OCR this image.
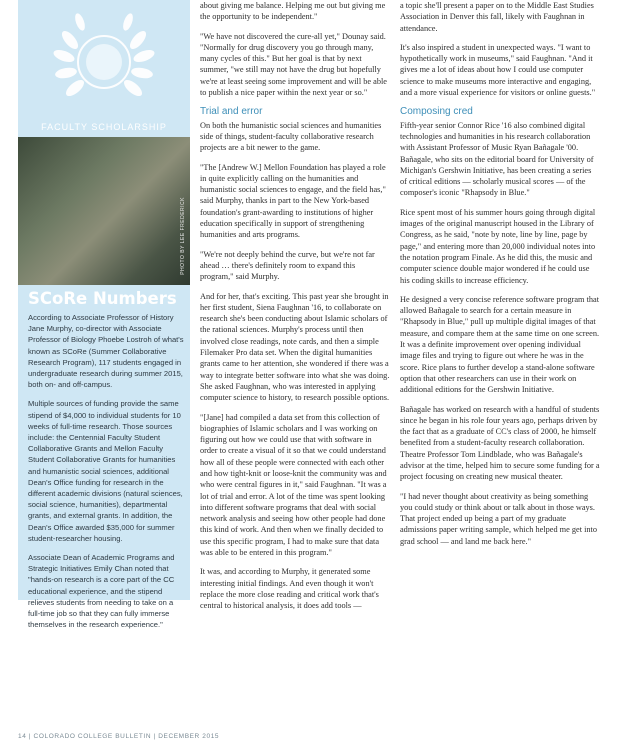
FACULTY SCHOLARSHIP
PHOTO BY LEE FREDERICK
SCoRe Numbers

According to Associate Professor of History Jane Murphy, co-director with Associate Professor of Biology Phoebe Lostroh of what's known as SCoRe (Summer Collaborative Research Program), 117 students engaged in undergraduate research during summer 2015, both on- and off-campus.

Multiple sources of funding provide the same stipend of $4,000 to individual students for 10 weeks of full-time research. Those sources include: the Centennial Faculty Student Collaborative Grants and Mellon Faculty Student Collaborative Grants for humanities and humanistic social sciences, additional Dean's Office funding for research in the different academic divisions (natural sciences, social science, humanities), departmental grants, and external grants. In addition, the Dean's Office awarded $35,000 for summer student-researcher housing.

Associate Dean of Academic Programs and Strategic Initiatives Emily Chan noted that "hands-on research is a core part of the CC educational experience, and the stipend relieves students from needing to take on a full-time job so that they can fully immerse themselves in the research experience."

about giving me balance. Helping me out but giving me the opportunity to be independent."

"We have not discovered the cure-all yet," Dounay said. "Normally for drug discovery you go through many, many cycles of this." But her goal is that by next summer, "we still may not have the drug but hopefully we're at least seeing some improvement and will be able to publish a nice paper within the next year or so."

Trial and error

On both the humanistic social sciences and humanities side of things, student-faculty collaborative research projects are a bit newer to the game.

"The [Andrew W.] Mellon Foundation has played a role in quite explicitly calling on the humanities and humanistic social sciences to engage, and the field has," said Murphy, thanks in part to the New York-based foundation's grant-awarding to institutions of higher education specifically in support of strengthening humanities and arts programs.

"We're not deeply behind the curve, but we're not far ahead … there's definitely room to expand this program," said Murphy.

And for her, that's exciting. This past year she brought in her first student, Siena Faughnan '16, to collaborate on research she's been conducting about Islamic scholars of the rational sciences. Murphy's process until then involved close readings, note cards, and then a simple Filemaker Pro data set. When the digital humanities grants came to her attention, she wondered if there was a way to integrate better software into what she was doing. She asked Faughnan, who was interested in applying computer science to history, to research possible options.

"[Jane] had compiled a data set from this collection of biographies of Islamic scholars and I was working on figuring out how we could use that with software in order to create a visual of it so that we could understand how all of these people were connected with each other and how tight-knit or loose-knit the community was and who were central figures in it," said Faughnan. "It was a lot of trial and error. A lot of the time was spent looking into different software programs that deal with social network analysis and seeing how other people had done this kind of work. And then when we finally decided to use this specific program, I had to make sure that data was able to be entered in this program."

It was, and according to Murphy, it generated some interesting initial findings. And even though it won't replace the more close reading and critical work that's central to historical analysis, it does add tools —

a topic she'll present a paper on to the Middle East Studies Association in Denver this fall, likely with Faughnan in attendance.

It's also inspired a student in unexpected ways. "I want to hypothetically work in museums," said Faughnan. "And it gives me a lot of ideas about how I could use computer science to make museums more interactive and engaging, and a more visual experience for visitors or online guests."

Composing cred

Fifth-year senior Connor Rice '16 also combined digital technologies and humanities in his research collaboration with Assistant Professor of Music Ryan Bañagale '00. Bañagale, who sits on the editorial board for University of Michigan's Gershwin Initiative, has been creating a series of critical editions — scholarly musical scores — of the composer's iconic "Rhapsody in Blue."

Rice spent most of his summer hours going through digital images of the original manuscript housed in the Library of Congress, as he said, "note by note, line by line, page by page," and entering more than 20,000 individual notes into the notation program Finale. As he did this, the music and computer science double major wondered if he could use his coding skills to increase efficiency.

He designed a very concise reference software program that allowed Bañagale to search for a certain measure in "Rhapsody in Blue," pull up multiple digital images of that measure, and compare them at the same time on one screen. It was a definite improvement over opening individual image files and trying to figure out where he was in the score. Rice plans to further develop a stand-alone software option that other researchers can use in their work on additional editions for the Gershwin Initiative.

Bañagale has worked on research with a handful of students since he began in his role four years ago, perhaps driven by the fact that as a graduate of CC's class of 2000, he himself benefited from a student-faculty research collaboration. Theatre Professor Tom Lindblade, who was Bañagale's advisor at the time, helped him to secure some funding for a project focusing on creating new musical theater.

"I had never thought about creativity as being something you could study or think about or talk about in those ways. That project ended up being a part of my graduate admissions paper writing sample, which helped me get into grad school — and land me back here."

14 | COLORADO COLLEGE BULLETIN | DECEMBER 2015
